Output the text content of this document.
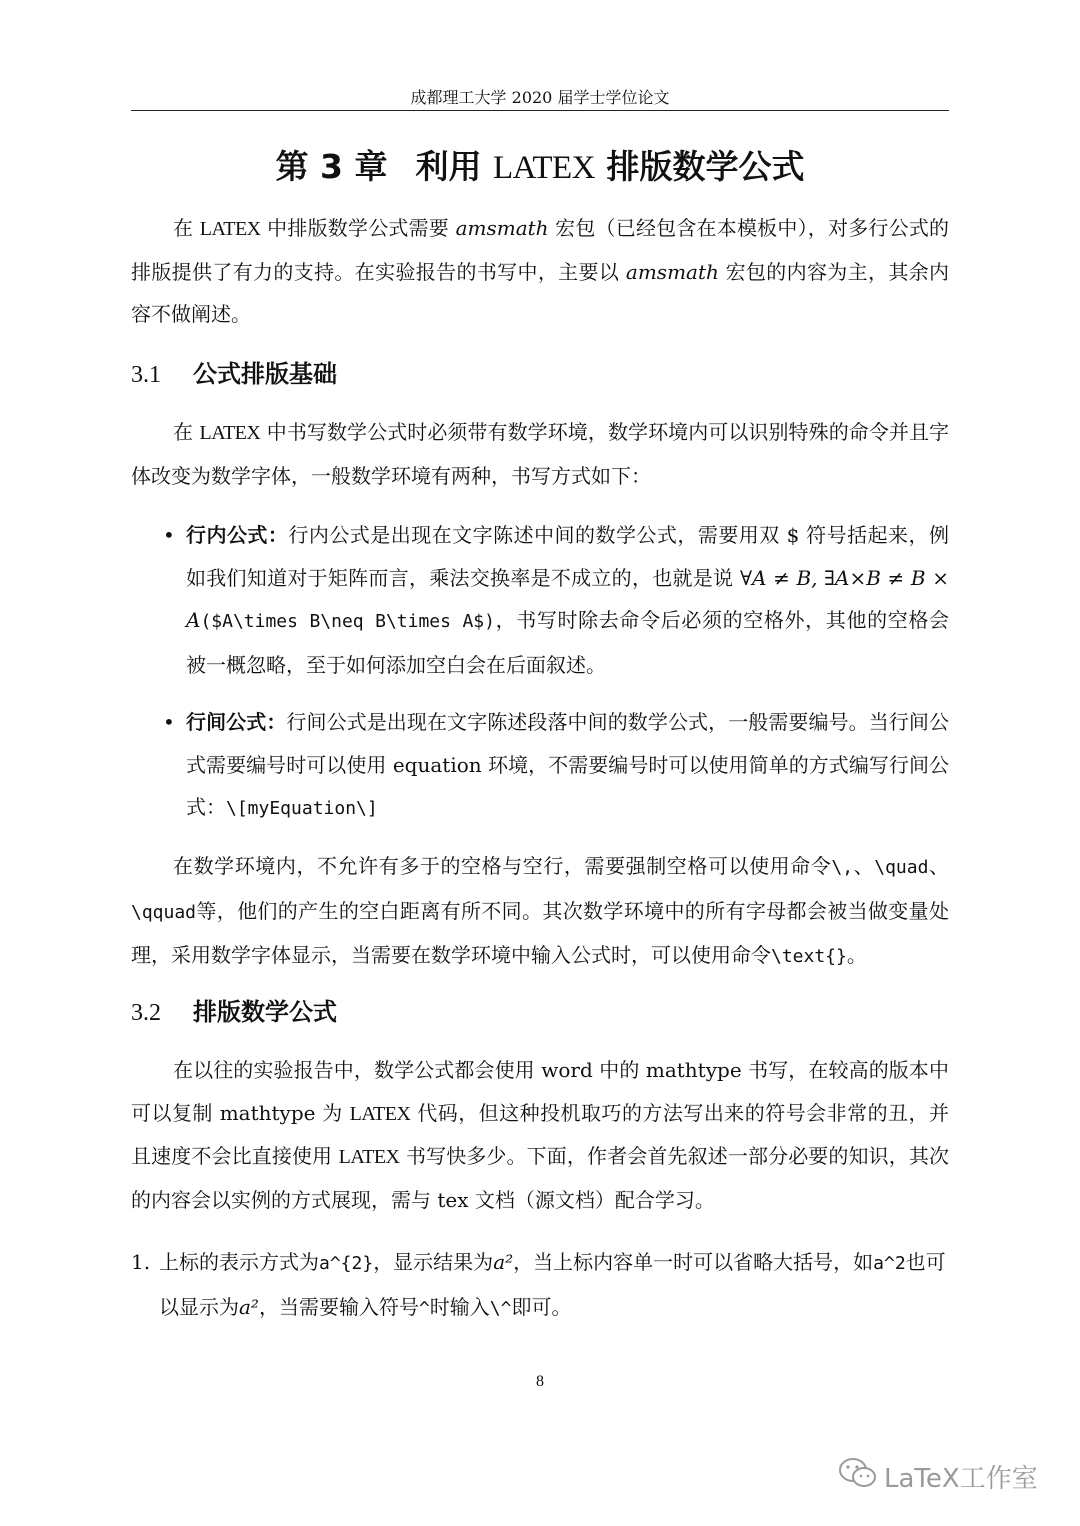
成都理工大学 2020 届学士学位论文
第 3 章 利用 LATEX 排版数学公式
在 LATEX 中排版数学公式需要 amsmath 宏包（已经包含在本模板中），对多行公式的排版提供了有力的支持。在实验报告的书写中，主要以 amsmath 宏包的内容为主，其余内容不做阐述。
3.1 公式排版基础
在 LATEX 中书写数学公式时必须带有数学环境，数学环境内可以识别特殊的命令并且字体改变为数学字体，一般数学环境有两种，书写方式如下：
• 行内公式：行内公式是出现在文字陈述中间的数学公式，需要用双 $ 符号括起来，例如我们知道对于矩阵而言，乘法交换率是不成立的，也就是说 ∀A ≠ B, ∃A×B ≠ B × A($A\times B\neq B\times A$)，书写时除去命令后必须的空格外，其他的空格会被一概忽略，至于如何添加空白会在后面叙述。
• 行间公式：行间公式是出现在文字陈述段落中间的数学公式，一般需要编号。当行间公式需要编号时可以使用 equation 环境，不需要编号时可以使用简单的方式编写行间公式：\[myEquation\]
在数学环境内，不允许有多于的空格与空行，需要强制空格可以使用命令\,、\quad、\qquad等，他们的产生的空白距离有所不同。其次数学环境中的所有字母都会被当做变量处理，采用数学字体显示，当需要在数学环境中输入公式时，可以使用命令\text{}。
3.2 排版数学公式
在以往的实验报告中，数学公式都会使用 word 中的 mathtype 书写，在较高的版本中可以复制 mathtype 为 LATEX 代码，但这种投机取巧的方法写出来的符号会非常的丑，并且速度不会比直接使用 LATEX 书写快多少。下面，作者会首先叙述一部分必要的知识，其次的内容会以实例的方式展现，需与 tex 文档（源文档）配合学习。
1. 上标的表示方式为a^{2}，显示结果为a²，当上标内容单一时可以省略大括号，如a^2也可以显示为a²，当需要输入符号^时输入\^即可。
8
LaTeX工作室
